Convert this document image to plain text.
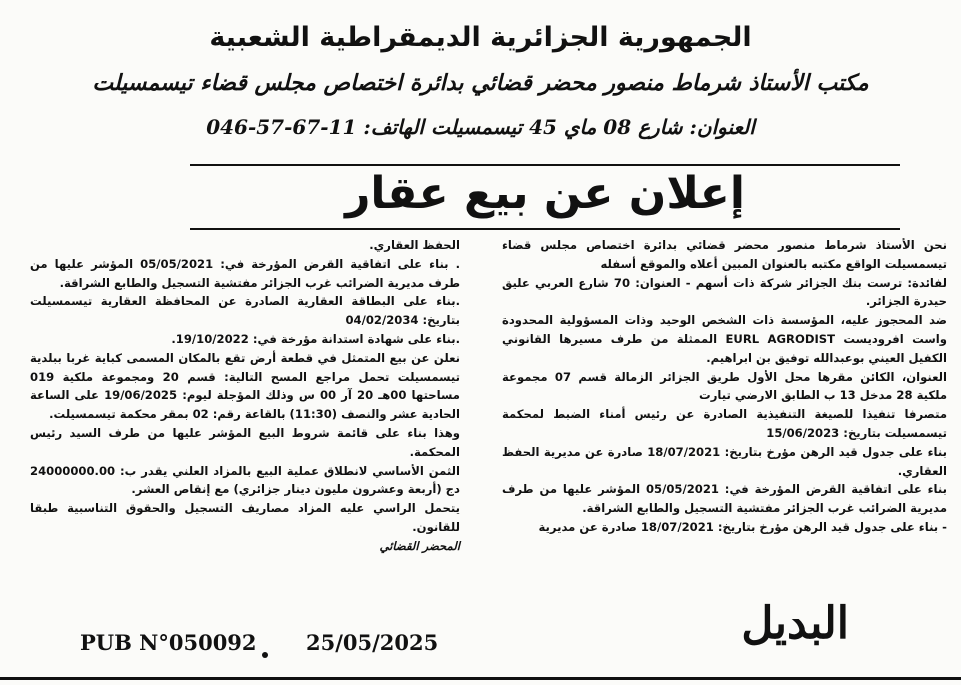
الجمهورية الجزائرية الديمقراطية الشعبية
مكتب الأستاذ شرماط منصور محضر قضائي بدائرة اختصاص مجلس قضاء تيسمسيلت
العنوان: شارع 08 ماي 45 تيسمسيلت الهاتف: 11-67-57-046
إعلان عن بيع عقار

نحن الأستاذ شرماط منصور محضر قضائي بدائرة اختصاص مجلس قضاء تيسمسيلت الواقع مكتبه بالعنوان المبين أعلاه والموقع أسفله

لفائدة: ترست بنك الجزائر شركة ذات أسهم - العنوان: 70 شارع العربي عليق حيدرة الجزائر.

ضد المحجوز عليه، المؤسسة ذات الشخص الوحيد وذات المسؤولية المحدودة واست افروديست EURL AGRODIST الممثلة من طرف مسيرها القانوني الكفيل العيني بوعبدالله توفيق بن ابراهيم.

العنوان، الكائن مقرها محل الأول طريق الجزائر الزمالة قسم 07 مجموعة ملكية 28 مدخل 13 ب الطابق الارضي تيارت

متصرفا تنفيذا للصيغة التنفيذية الصادرة عن رئيس أمناء الضبط لمحكمة تيسمسيلت بتاريخ: 15/06/2023

بناء على جدول قيد الرهن مؤرخ بتاريخ: 18/07/2021 صادرة عن مديرية الحفظ العقاري.

بناء على اتفاقية القرض المؤرخة في: 05/05/2021 المؤشر عليها من طرف مديرية الضرائب غرب الجزائر مفتشية التسجيل والطابع الشراقة.

- بناء على جدول قيد الرهن مؤرخ بتاريخ: 18/07/2021 صادرة عن مديرية

الحفظ العقاري.

. بناء على اتفاقية القرض المؤرخة في: 05/05/2021 المؤشر عليها من طرف مديرية الضرائب غرب الجزائر مفتشية التسجيل والطابع الشراقة.

.بناء على البطاقة العقارية الصادرة عن المحافظة العقارية تيسمسيلت بتاريخ: 04/02/2034

.بناء على شهادة استدانة مؤرخة في: 19/10/2022.

نعلن عن بيع المتمثل في قطعة أرض تقع بالمكان المسمى كباية غربا ببلدية تيسمسيلت تحمل مراجع المسح التالية: قسم 20 ومجموعة ملكية 019 مساحتها 00هـ 20 آر 00 س وذلك المؤجلة ليوم: 19/06/2025 على الساعة الحادية عشر والنصف (11:30) بالقاعة رقم: 02 بمقر محكمة تيسمسيلت.

وهذا بناء على قائمة شروط البيع المؤشر عليها من طرف السيد رئيس المحكمة.

الثمن الأساسي لانطلاق عملية البيع بالمزاد العلني يقدر ب: 24000000.00 دج (أربعة وعشرون مليون دينار جزائري) مع إنقاص العشر.

يتحمل الراسي عليه المزاد مصاريف التسجيل والحقوق التناسبية طبقا للقانون.

المحضر القضائي

البديل
PUB N°050092 25/05/2025
